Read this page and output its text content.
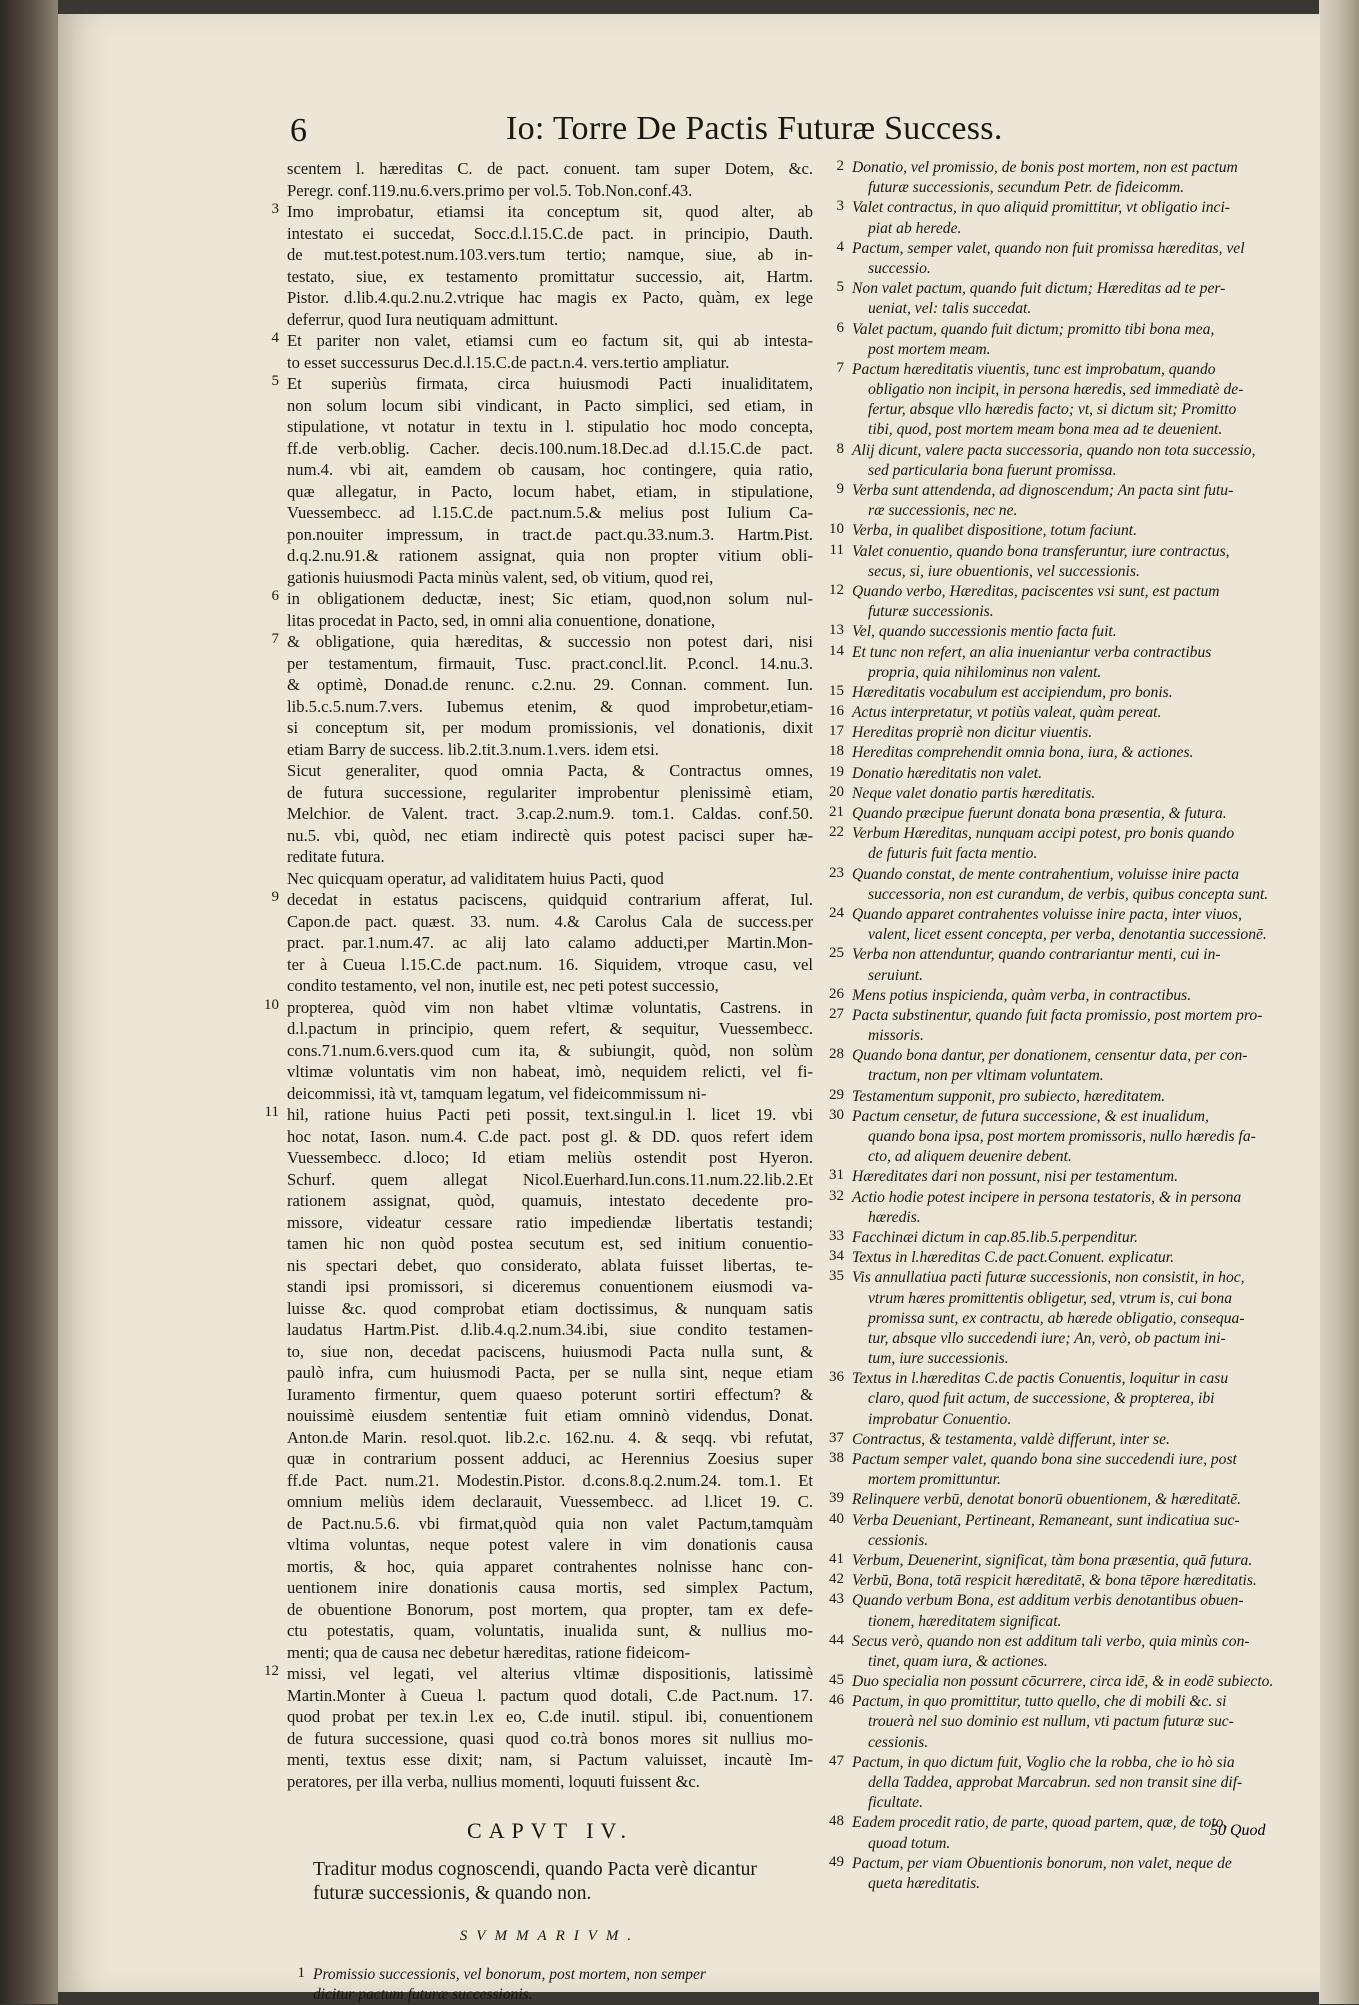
6	Io: Torre De Pactis Futuræ Success.
scentem l. hæreditas C. de pact. conuent. tam super Dotem, &c.
Peregr. conf.119.nu.6.vers.primo per vol.5. Tob.Non.conf.43.
3 Imo improbatur, etiamsi ita conceptum sit, quod alter, ab
intestato ei succedat, Socc.d.l.15.C.de pact. in principio, Dauth.
de mut.test.potest.num.103.vers.tum tertio; namque, siue, ab in-
testato, siue, ex testamento promittatur successio, ait, Hartm.
Pistor. d.lib.4.qu.2.nu.2.vtrique hac magis ex Pacto, quàm, ex lege
deferrur, quod Iura neutiquam admittunt.
4 Et pariter non valet, etiamsi cum eo factum sit, qui ab intesta-
to esset successurus Dec.d.l.15.C.de pact.n.4. vers.tertio ampliatur.
5 Et superiùs firmata, circa huiusmodi Pacti inualiditatem,
non solum locum sibi vindicant, in Pacto simplici, sed etiam, in
stipulatione, vt notatur in textu in l. stipulatio hoc modo concepta,
ff.de verb.oblig. Cacher. decis.100.num.18.Dec.ad d.l.15.C.de pact.
num.4. vbi ait, eamdem ob causam, hoc contingere, quia ratio,
quæ allegatur, in Pacto, locum habet, etiam, in stipulatione,
Vuessembecc. ad l.15.C.de pact.num.5.& melius post Iulium Ca-
pon.nouiter impressum, in tract.de pact.qu.33.num.3. Hartm.Pist.
d.q.2.nu.91.& rationem assignat, quia non propter vitium obli-
gationis huiusmodi Pacta minùs valent, sed, ob vitium, quod rei,
6 in obligationem deductæ, inest; Sic etiam, quod,non solum nul-
litas procedat in Pacto, sed, in omni alia conuentione, donatione,
7 & obligatione, quia hæreditas, & successio non potest dari, nisi
per testamentum, firmauit, Tusc. pract.concl.lit. P.concl. 14.nu.3.
& optimè, Donad.de renunc. c.2.nu. 29. Connan. comment. Iun.
lib.5.c.5.num.7.vers. Iubemus etenim, & quod improbetur,etiam-
si conceptum sit, per modum promissionis, vel donationis, dixit
etiam Barry de success. lib.2.tit.3.num.1.vers. idem etsi.
Sicut generaliter, quod omnia Pacta, & Contractus omnes,
de futura successione, regulariter improbentur plenissimè etiam,
Melchior. de Valent. tract. 3.cap.2.num.9. tom.1. Caldas. conf.50.
nu.5. vbi, quòd, nec etiam indirectè quis potest pacisci super hæ-
reditate futura.
Nec quicquam operatur, ad validitatem huius Pacti, quod
9 decedat in estatus paciscens, quidquid contrarium afferat, Iul.
Capon.de pact. quæst. 33. num. 4.& Carolus Cala de success.per
pract. par.1.num.47. ac alij lato calamo adducti,per Martin.Mon-
ter à Cueua l.15.C.de pact.num. 16. Siquidem, vtroque casu, vel
condito testamento, vel non, inutile est, nec peti potest successio,
10 propterea, quòd vim non habet vltimæ voluntatis, Castrens. in
d.l.pactum in principio, quem refert, & sequitur, Vuessembecc.
cons.71.num.6.vers.quod cum ita, & subiungit, quòd, non solùm
vltimæ voluntatis vim non habeat, imò, nequidem relicti, vel fi-
deicommissi, ità vt, tamquam legatum, vel fideicommissum ni-
11 hil, ratione huius Pacti peti possit, text.singul.in l. licet 19. vbi
hoc notat, Iason. num.4. C.de pact. post gl. & DD. quos refert idem
Vuessembecc. d.loco; Id etiam meliùs ostendit post Hyeron.
Schurf. quem allegat Nicol.Euerhard.Iun.cons.11.num.22.lib.2.Et
rationem assignat, quòd, quamuis, intestato decedente pro-
missore, videatur cessare ratio impediendæ libertatis testandi;
tamen hic non quòd postea secutum est, sed initium conuentio-
nis spectari debet, quo considerato, ablata fuisset libertas, te-
standi ipsi promissori, si diceremus conuentionem eiusmodi va-
luisse &c. quod comprobat etiam doctissimus, & nunquam satis
laudatus Hartm.Pist. d.lib.4.q.2.num.34.ibi, siue condito testamen-
to, siue non, decedat paciscens, huiusmodi Pacta nulla sunt, &
paulò infra, cum huiusmodi Pacta, per se nulla sint, neque etiam
Iuramento firmentur, quem quaeso poterunt sortiri effectum? &
nouissimè eiusdem sententiæ fuit etiam omninò videndus, Donat.
Anton.de Marin. resol.quot. lib.2.c. 162.nu. 4. & seqq. vbi refutat,
quæ in contrarium possent adduci, ac Herennius Zoesius super
ff.de Pact. num.21. Modestin.Pistor. d.cons.8.q.2.num.24. tom.1. Et
omnium meliùs idem declarauit, Vuessembecc. ad l.licet 19. C.
de Pact.nu.5.6. vbi firmat,quòd quia non valet Pactum,tamquàm
vltima voluntas, neque potest valere in vim donationis causa
mortis, & hoc, quia apparet contrahentes nolnisse hanc con-
uentionem inire donationis causa mortis, sed simplex Pactum,
de obuentione Bonorum, post mortem, qua propter, tam ex defe-
ctu potestatis, quam, voluntatis, inualida sunt, & nullius mo-
menti; qua de causa nec debetur hæreditas, ratione fideicom-
12 missi, vel legati, vel alterius vltimæ dispositionis, latissimè
Martin.Monter à Cueua l. pactum quod dotali, C.de Pact.num. 17.
quod probat per tex.in l.ex eo, C.de inutil. stipul. ibi, conuentionem
de futura successione, quasi quod co.trà bonos mores sit nullius mo-
menti, textus esse dixit; nam, si Pactum valuisset, incautè Im-
peratores, per illa verba, nullius momenti, loquuti fuissent &c.
CAPVT IV.
Traditur modus cognoscendi, quando Pacta verè dicantur futuræ successionis, & quando non.
SVMMARIVM.
1 Promissio successionis, vel bonorum, post mortem, non semper
dicitur pactum futuræ successionis.
2 Donatio, vel promissio, de bonis post mortem, non est pactum
futuræ successionis, secundum Petr. de fideicomm.
3 Valet contractus, in quo aliquid promittitur, vt obligatio inci-
piat ab herede.
4 Pactum, semper valet, quando non fuit promissa hæreditas, vel
successio.
5 Non valet pactum, quando fuit dictum; Hæreditas ad te per-
ueniat, vel: talis succedat.
6 Valet pactum, quando fuit dictum; promitto tibi bona mea,
post mortem meam.
7 Pactum hæreditatis viuentis, tunc est improbatum, quando
obligatio non incipit, in persona hæredis, sed immediatè de-
fertur, absque vllo hæredis facto; vt, si dictum sit; Promitto
tibi, quod, post mortem meam bona mea ad te deuenient.
8 Alij dicunt, valere pacta successoria, quando non tota successio,
sed particularia bona fuerunt promissa.
9 Verba sunt attendenda, ad dignoscendum; An pacta sint futu-
ræ successionis, nec ne.
10 Verba, in qualibet dispositione, totum faciunt.
11 Valet conuentio, quando bona transferuntur, iure contractus,
secus, si, iure obuentionis, vel successionis.
12 Quando verbo, Hæreditas, paciscentes vsi sunt, est pactum
futuræ successionis.
13 Vel, quando successionis mentio facta fuit.
14 Et tunc non refert, an alia inueniantur verba contractibus
propria, quia nihilominus non valent.
15 Hæreditatis vocabulum est accipiendum, pro bonis.
16 Actus interpretatur, vt potiùs valeat, quàm pereat.
17 Hereditas propriè non dicitur viuentis.
18 Hereditas comprehendit omnia bona, iura, & actiones.
19 Donatio hæreditatis non valet.
20 Neque valet donatio partis hæreditatis.
21 Quando præcipue fuerunt donata bona præsentia, & futura.
22 Verbum Hæreditas, nunquam accipi potest, pro bonis quando
de futuris fuit facta mentio.
23 Quando constat, de mente contrahentium, voluisse inire pacta
successoria, non est curandum, de verbis, quibus concepta sunt.
24 Quando apparet contrahentes voluisse inire pacta, inter viuos,
valent, licet essent concepta, per verba, denotantia successionē.
25 Verba non attenduntur, quando contrariantur menti, cui in-
seruiunt.
26 Mens potius inspicienda, quàm verba, in contractibus.
27 Pacta substinentur, quando fuit facta promissio, post mortem pro-
missoris.
28 Quando bona dantur, per donationem, censentur data, per con-
tractum, non per vltimam voluntatem.
29 Testamentum supponit, pro subiecto, hæreditatem.
30 Pactum censetur, de futura successione, & est inualidum,
quando bona ipsa, post mortem promissoris, nullo hæredis fa-
cto, ad aliquem deuenire debent.
31 Hæreditates dari non possunt, nisi per testamentum.
32 Actio hodie potest incipere in persona testatoris, & in persona
hæredis.
33 Facchinæi dictum in cap.85.lib.5.perpenditur.
34 Textus in l.hæreditas C.de pact.Conuent. explicatur.
35 Vis annullatiua pacti futuræ successionis, non consistit, in hoc,
vtrum hæres promittentis obligetur, sed, vtrum is, cui bona
promissa sunt, ex contractu, ab hærede obligatio, consequa-
tur, absque vllo succedendi iure; An, verò, ob pactum ini-
tum, iure successionis.
36 Textus in l.hæreditas C.de pactis Conuentis, loquitur in casu
claro, quod fuit actum, de successione, & propterea, ibi
improbatur Conuentio.
37 Contractus, & testamenta, valdè differunt, inter se.
38 Pactum semper valet, quando bona sine succedendi iure, post
mortem promittuntur.
39 Relinquere verbū, denotat bonorū obuentionem, & hæreditatē.
40 Verba Deueniant, Pertineant, Remaneant, sunt indicatiua suc-
cessionis.
41 Verbum, Deuenerint, significat, tàm bona præsentia, quā futura.
42 Verbū, Bona, totā respicit hæreditatē, & bona tēpore hæreditatis.
43 Quando verbum Bona, est additum verbis denotantibus obuen-
tionem, hæreditatem significat.
44 Secus verò, quando non est additum tali verbo, quia minùs con-
tinet, quam iura, & actiones.
45 Duo specialia non possunt cōcurrere, circa idē, & in eodē subiecto.
46 Pactum, in quo promittitur, tutto quello, che di mobili &c. si
trouerà nel suo dominio est nullum, vti pactum futuræ suc-
cessionis.
47 Pactum, in quo dictum fuit, Voglio che la robba, che io hò sia
della Taddea, approbat Marcabrun. sed non transit sine dif-
ficultate.
48 Eadem procedit ratio, de parte, quoad partem, quæ, de toto,
quoad totum.
49 Pactum, per viam Obuentionis bonorum, non valet, neque de
queta hæreditatis.
50 Quod
